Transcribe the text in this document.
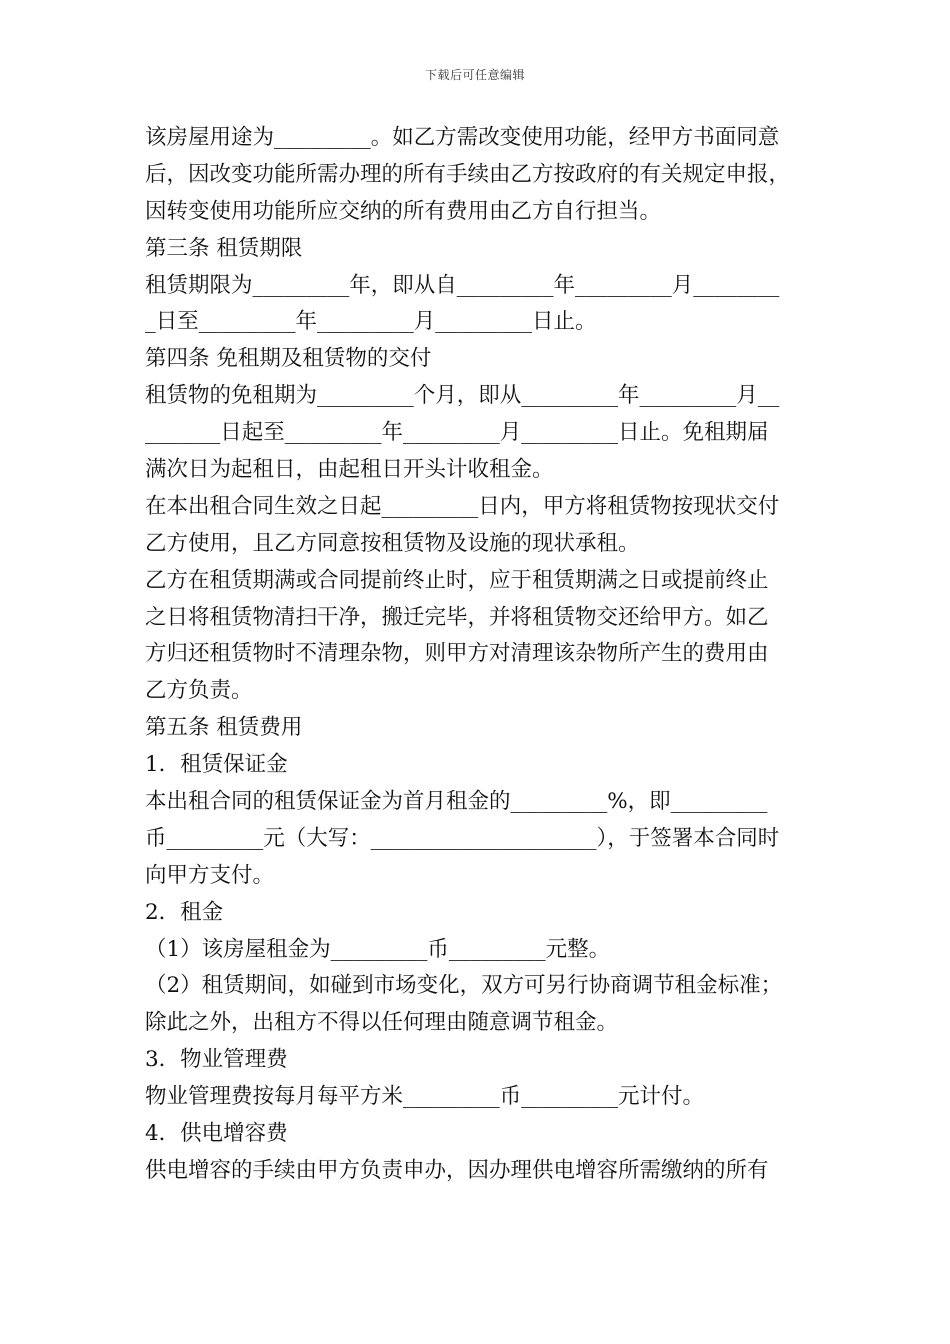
下载后可任意编辑
该房屋用途为_________。如乙方需改变使用功能，经甲方书面同意
后，因改变功能所需办理的所有手续由乙方按政府的有关规定申报，
因转变使用功能所应交纳的所有费用由乙方自行担当。
第三条 租赁期限
租赁期限为_________年，即从自_________年_________月________
_日至_________年_________月_________日止。
第四条 免租期及租赁物的交付
租赁物的免租期为_________个月，即从_________年_________月__
_______日起至_________年_________月_________日止。免租期届
满次日为起租日，由起租日开头计收租金。
在本出租合同生效之日起_________日内，甲方将租赁物按现状交付
乙方使用，且乙方同意按租赁物及设施的现状承租。
乙方在租赁期满或合同提前终止时，应于租赁期满之日或提前终止
之日将租赁物清扫干净，搬迁完毕，并将租赁物交还给甲方。如乙
方归还租赁物时不清理杂物，则甲方对清理该杂物所产生的费用由
乙方负责。
第五条 租赁费用
1．租赁保证金
本出租合同的租赁保证金为首月租金的_________%，即_________
币_________元（大写：_____________________），于签署本合同时
向甲方支付。
2．租金
（1）该房屋租金为_________币_________元整。
（2）租赁期间，如碰到市场变化，双方可另行协商调节租金标准；
除此之外，出租方不得以任何理由随意调节租金。
3．物业管理费
物业管理费按每月每平方米_________币_________元计付。
4．供电增容费
供电增容的手续由甲方负责申办，因办理供电增容所需缴纳的所有
